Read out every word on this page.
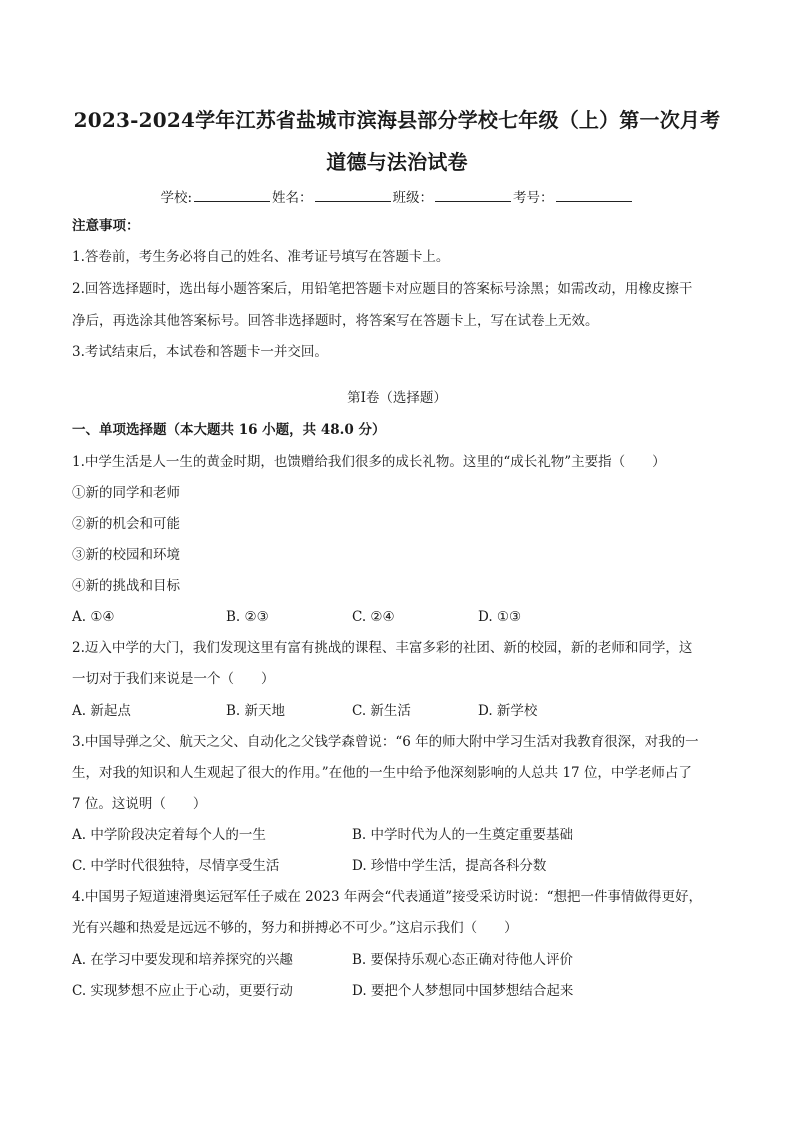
2023-2024学年江苏省盐城市滨海县部分学校七年级（上）第一次月考
道德与法治试卷
学校:	姓名：	班级：	考号：
注意事项：
1.答卷前，考生务必将自己的姓名、准考证号填写在答题卡上。
2.回答选择题时，选出每小题答案后，用铅笔把答题卡对应题目的答案标号涂黑；如需改动，用橡皮擦干
净后，再选涂其他答案标号。回答非选择题时，将答案写在答题卡上，写在试卷上无效。
3.考试结束后，本试卷和答题卡一并交回。
第Ⅰ卷（选择题）
一、单项选择题（本大题共 16 小题，共 48.0 分）
1.中学生活是人一生的黄金时期，也馈赠给我们很多的成长礼物。这里的“成长礼物”主要指（　　）
①新的同学和老师
②新的机会和可能
③新的校园和环境
④新的挑战和目标
A. ①④	B. ②③	C. ②④	D. ①③
2.迈入中学的大门，我们发现这里有富有挑战的课程、丰富多彩的社团、新的校园，新的老师和同学，这
一切对于我们来说是一个（　　）
A. 新起点	B. 新天地	C. 新生活	D. 新学校
3.中国导弹之父、航天之父、自动化之父钱学森曾说：“6 年的师大附中学习生活对我教育很深，对我的一
生，对我的知识和人生观起了很大的作用。”在他的一生中给予他深刻影响的人总共 17 位，中学老师占了
7 位。这说明（　　）
A. 中学阶段决定着每个人的一生	B. 中学时代为人的一生奠定重要基础
C. 中学时代很独特，尽情享受生活	D. 珍惜中学生活，提高各科分数
4.中国男子短道速滑奥运冠军任子威在 2023 年两会“代表通道”接受采访时说：“想把一件事情做得更好，
光有兴趣和热爱是远远不够的，努力和拼搏必不可少。”这启示我们（　　）
A. 在学习中要发现和培养探究的兴趣	B. 要保持乐观心态正确对待他人评价
C. 实现梦想不应止于心动，更要行动	D. 要把个人梦想同中国梦想结合起来
